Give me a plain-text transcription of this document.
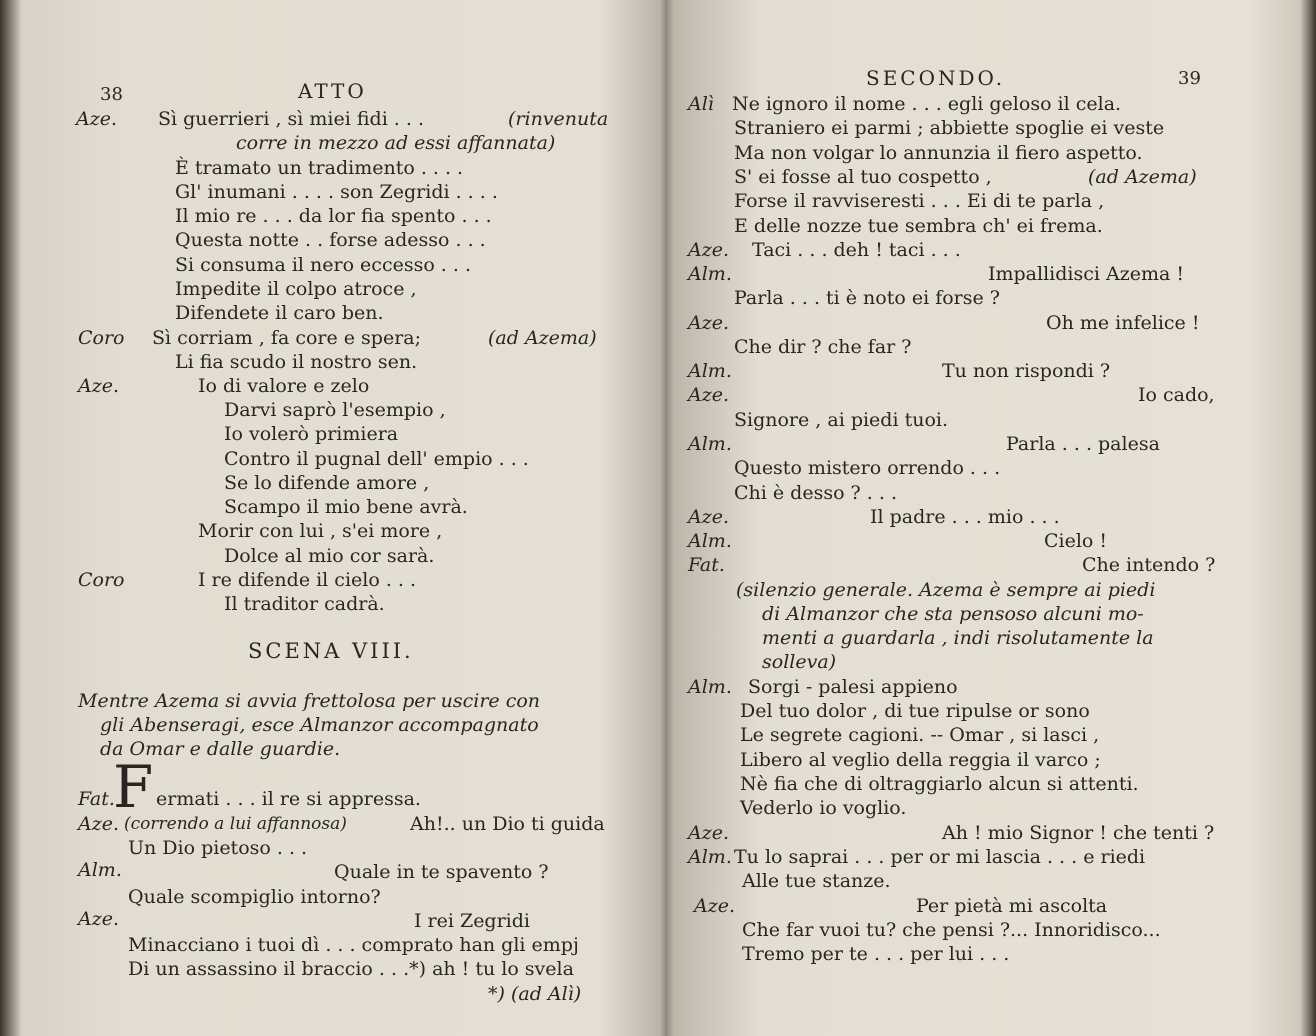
38	ATTO
Aze. Sì guerrieri , sì miei fidi . . .	(rinvenuta
corre in mezzo ad essi affannata)
È tramato un tradimento . . . .
Gl' inumani . . . . son Zegridi . . . .
Il mio re . . . da lor fia spento . . .
Questa notte . . forse adesso . . .
Si consuma il nero eccesso . . .
Impedite il colpo atroce ,
Difendete il caro ben.
Coro Sì corriam , fa core e spera;	(ad Azema)
Li fia scudo il nostro sen.
Aze.	Io di valore e zelo
Darvi saprò l'esempio ,
Io volerò primiera
Contro il pugnal dell' empio . . .
Se lo difende amore ,
Scampo il mio bene avrà.
Morir con lui , s'ei more ,
Dolce al mio cor sarà.
Coro	I re difende il cielo . . .
Il traditor cadrà.
SCENA VIII.
Mentre Azema si avvia frettolosa per uscire con
gli Abenseragi, esce Almanzor accompagnato
da Omar e dalle guardie.
Fat.
F ermati . . . il re si appressa.
Aze. (correndo a lui affannosa)	Ah!.. un Dio ti guida
Un Dio pietoso . . .
Alm.	Quale in te spavento ?
Quale scompiglio intorno?
Aze.	I rei Zegridi
Minacciano i tuoi dì . . . comprato han gli empj
Di un assassino il braccio . . .*) ah ! tu lo svela
*) (ad Alì)
SECONDO.	39
Alì Ne ignoro il nome . . . egli geloso il cela.
Straniero ei parmi ; abbiette spoglie ei veste
Ma non volgar lo annunzia il fiero aspetto.
S' ei fosse al tuo cospetto ,	(ad Azema)
Forse il ravviseresti . . . Ei di te parla ,
E delle nozze tue sembra ch' ei frema.
Aze. Taci . . . deh ! taci . . .
Alm.	Impallidisci Azema !
Parla . . . ti è noto ei forse ?
Aze.	Oh me infelice !
Che dir ? che far ?
Alm.	Tu non rispondi ?
Aze.	Io cado,
Signore , ai piedi tuoi.
Alm.	Parla . . . palesa
Questo mistero orrendo . . .
Chi è desso ? . . .
Aze.	Il padre . . . mio . . .
Alm.	Cielo !
Fat.	Che intendo ?
(silenzio generale. Azema è sempre ai piedi
di Almanzor che sta pensoso alcuni mo-
menti a guardarla , indi risolutamente la
solleva)
Alm. Sorgi - palesi appieno
Del tuo dolor , di tue ripulse or sono
Le segrete cagioni. -- Omar , si lasci ,
Libero al veglio della reggia il varco ;
Nè fia che di oltraggiarlo alcun si attenti.
Vederlo io voglio.
Aze.	Ah ! mio Signor ! che tenti ?
Alm. Tu lo saprai . . . per or mi lascia . . . e riedi
Alle tue stanze.
Aze.	Per pietà mi ascolta
Che far vuoi tu? che pensi ?... Innoridisco...
Tremo per te . . . per lui . . .
